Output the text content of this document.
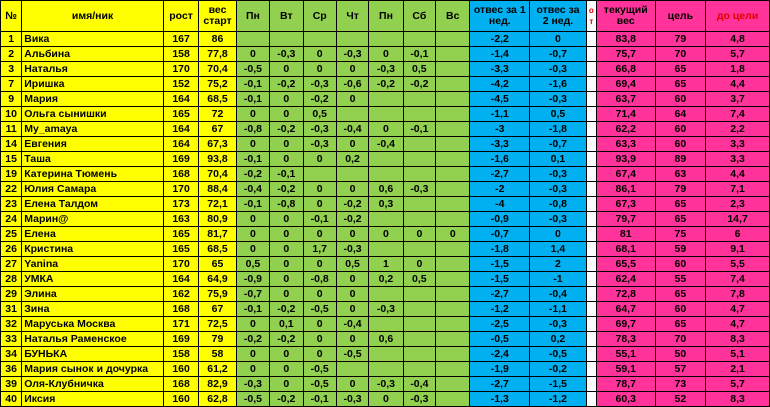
№	имя/ник	рост	вес старт	Пн	Вт	Ср	Чт	Пн	Сб	Вс	отвес за 1 нед.	отвес за 2 нед.	о т	текущий вес	цель	до цели
1	Вика	167	86								-2,2	0		83,8	79	4,8
2	Альбина	158	77,8	0	-0,3	0	-0,3	0	-0,1		-1,4	-0,7		75,7	70	5,7
3	Наталья	170	70,4	-0,5	0	0	0	-0,3	0,5		-3,3	-0,3		66,8	65	1,8
7	Иришка	152	75,2	-0,1	-0,2	-0,3	-0,6	-0,2	-0,2		-4,2	-1,6		69,4	65	4,4
9	Мария	164	68,5	-0,1	0	-0,2	0				-4,5	-0,3		63,7	60	3,7
10	Ольга сынишки	165	72	0	0	0,5					-1,1	0,5		71,4	64	7,4
11	My_amaya	164	67	-0,8	-0,2	-0,3	-0,4	0	-0,1		-3	-1,8		62,2	60	2,2
14	Евгения	164	67,3	0	0	-0,3	0	-0,4			-3,3	-0,7		63,3	60	3,3
15	Таша	169	93,8	-0,1	0	0	0,2				-1,6	0,1		93,9	89	3,3
19	Катерина Тюмень	168	70,4	-0,2	-0,1						-2,7	-0,3		67,4	63	4,4
22	Юлия Самара	170	88,4	-0,4	-0,2	0	0	0,6	-0,3		-2	-0,3		86,1	79	7,1
23	Елена Талдом	173	72,1	-0,1	-0,8	0	-0,2	0,3			-4	-0,8		67,3	65	2,3
24	Марин@	163	80,9	0	0	-0,1	-0,2				-0,9	-0,3		79,7	65	14,7
25	Елена	165	81,7	0	0	0	0	0	0	0	-0,7	0		81	75	6
26	Кристина	165	68,5	0	0	1,7	-0,3				-1,8	1,4		68,1	59	9,1
27	Yanina	170	65	0,5	0	0	0,5	1	0		-1,5	2		65,5	60	5,5
28	УМКА	164	64,9	-0,9	0	-0,8	0	0,2	0,5		-1,5	-1		62,4	55	7,4
29	Элина	162	75,9	-0,7	0	0	0				-2,7	-0,4		72,8	65	7,8
31	Зина	168	67	-0,1	-0,2	-0,5	0	-0,3			-1,2	-1,1		64,7	60	4,7
32	Маруська Москва	171	72,5	0	0,1	0	-0,4				-2,5	-0,3		69,7	65	4,7
33	Наталья Раменское	169	79	-0,2	-0,2	0	0	0,6			-0,5	0,2		78,3	70	8,3
34	БУНЬКА	158	58	0	0	0	-0,5				-2,4	-0,5		55,1	50	5,1
36	Мария сынок и дочурка	160	61,2	0	0	-0,5					-1,9	-0,2		59,1	57	2,1
39	Оля-Клубничка	168	82,9	-0,3	0	-0,5	0	-0,3	-0,4		-2,7	-1,5		78,7	73	5,7
40	Иксия	160	62,8	-0,5	-0,2	-0,1	-0,3	0	-0,3		-1,3	-1,2		60,3	52	8,3
